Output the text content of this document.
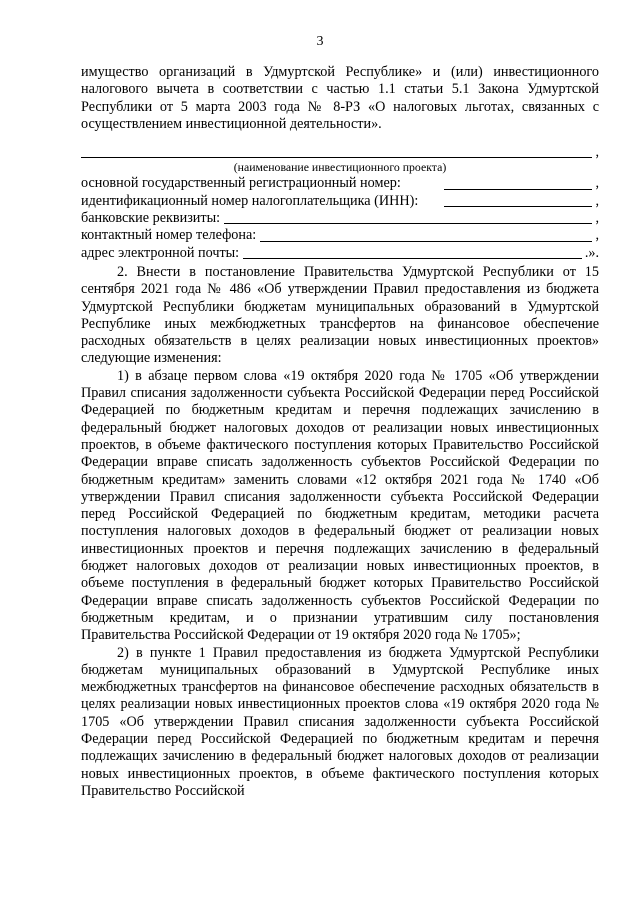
3

имущество организаций в Удмуртской Республике» и (или) инвестиционного налогового вычета в соответствии с частью 1.1 статьи 5.1 Закона Удмуртской Республики от 5 марта 2003 года № 8-РЗ «О налоговых льготах, связанных с осуществлением инвестиционной деятельности».

,
(наименование инвестиционного проекта)
основной государственный регистрационный номер:	,
идентификационный номер налогоплательщика (ИНН):	,
банковские реквизиты:	,
контактный номер телефона:	,
адрес электронной почты:	.».

2. Внести в постановление Правительства Удмуртской Республики от 15 сентября 2021 года № 486 «Об утверждении Правил предоставления из бюджета Удмуртской Республики бюджетам муниципальных образований в Удмуртской Республике иных межбюджетных трансфертов на финансовое обеспечение расходных обязательств в целях реализации новых инвестиционных проектов» следующие изменения:

1) в абзаце первом слова «19 октября 2020 года № 1705 «Об утверждении Правил списания задолженности субъекта Российской Федерации перед Российской Федерацией по бюджетным кредитам и перечня подлежащих зачислению в федеральный бюджет налоговых доходов от реализации новых инвестиционных проектов, в объеме фактического поступления которых Правительство Российской Федерации вправе списать задолженность субъектов Российской Федерации по бюджетным кредитам» заменить словами «12 октября 2021 года № 1740 «Об утверждении Правил списания задолженности субъекта Российской Федерации перед Российской Федерацией по бюджетным кредитам, методики расчета поступления налоговых доходов в федеральный бюджет от реализации новых инвестиционных проектов и перечня подлежащих зачислению в федеральный бюджет налоговых доходов от реализации новых инвестиционных проектов, в объеме поступления в федеральный бюджет которых Правительство Российской Федерации вправе списать задолженность субъектов Российской Федерации по бюджетным кредитам, и о признании утратившим силу постановления Правительства Российской Федерации от 19 октября 2020 года № 1705»;

2) в пункте 1 Правил предоставления из бюджета Удмуртской Республики бюджетам муниципальных образований в Удмуртской Республике иных межбюджетных трансфертов на финансовое обеспечение расходных обязательств в целях реализации новых инвестиционных проектов слова «19 октября 2020 года № 1705 «Об утверждении Правил списания задолженности субъекта Российской Федерации перед Российской Федерацией по бюджетным кредитам и перечня подлежащих зачислению в федеральный бюджет налоговых доходов от реализации новых инвестиционных проектов, в объеме фактического поступления которых Правительство Российской
